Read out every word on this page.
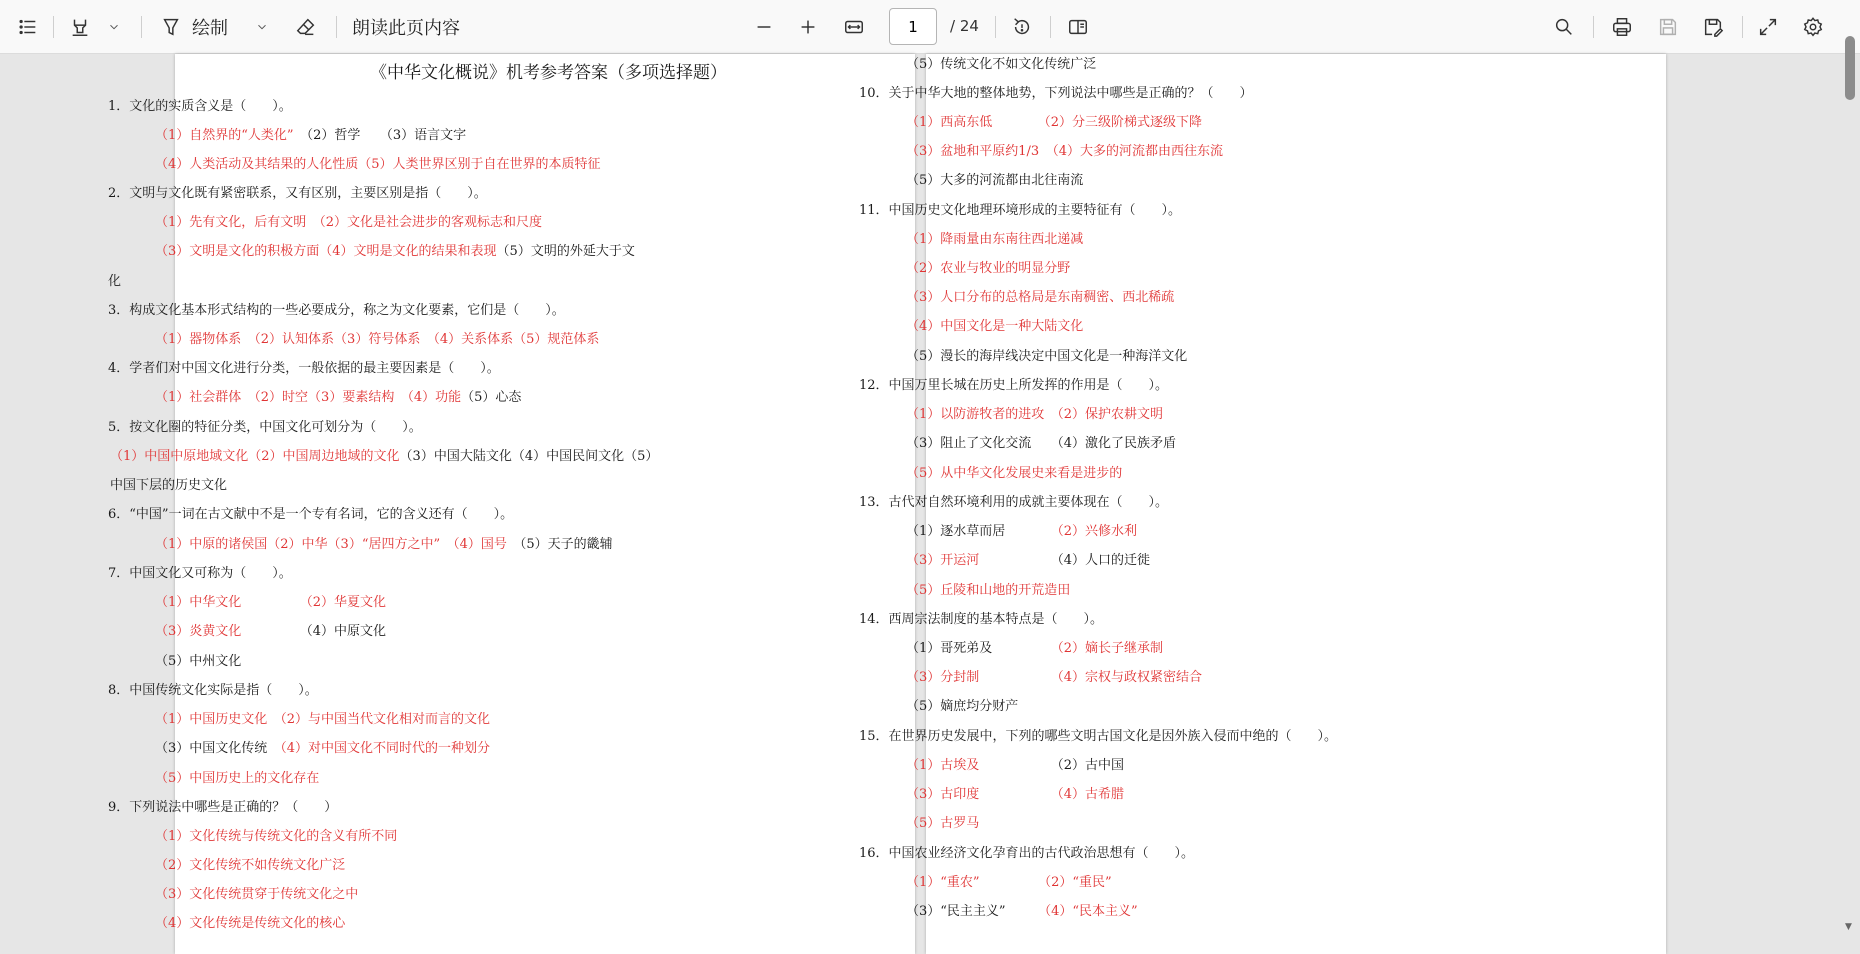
绘制	朗读此页内容
1	/ 24
《中华文化概说》机考参考答案（多项选择题）
1．文化的实质含义是（　　）。
（1）自然界的“人类化”　（2）哲学　　（3）语言文字
（4）人类活动及其结果的人化性质（5）人类世界区别于自在世界的本质特征
2．文明与文化既有紧密联系，又有区别，主要区别是指（　　）。
（1）先有文化，后有文明　（2）文化是社会进步的客观标志和尺度
（3）文明是文化的积极方面（4）文明是文化的结果和表现（5）文明的外延大于文
化
3．构成文化基本形式结构的一些必要成分，称之为文化要素，它们是（　　）。
（1）器物体系　（2）认知体系（3）符号体系　（4）关系体系（5）规范体系
4．学者们对中国文化进行分类，一般依据的最主要因素是（　　）。
（1）社会群体　（2）时空（3）要素结构　（4）功能（5）心态
5．按文化圈的特征分类，中国文化可划分为（　　）。
（1）中国中原地域文化（2）中国周边地域的文化（3）中国大陆文化（4）中国民间文化（5）
中国下层的历史文化
6．“中国”一词在古文献中不是一个专有名词，它的含义还有（　　）。
（1）中原的诸侯国（2）中华（3）“居四方之中”　（4）国号　（5）天子的畿辅
7．中国文化又可称为（　　）。
（1）中华文化　　　　　（2）华夏文化
（3）炎黄文化　　　　　（4）中原文化
（5）中州文化
8．中国传统文化实际是指（　　）。
（1）中国历史文化　（2）与中国当代文化相对而言的文化
（3）中国文化传统　（4）对中国文化不同时代的一种划分
（5）中国历史上的文化存在
9．下列说法中哪些是正确的？（　　）
（1）文化传统与传统文化的含义有所不同
（2）文化传统不如传统文化广泛
（3）文化传统贯穿于传统文化之中
（4）文化传统是传统文化的核心
（5）传统文化不如文化传统广泛
10．关于中华大地的整体地势，下列说法中哪些是正确的？（　　）
（1）西高东低　　　　（2）分三级阶梯式逐级下降
（3）盆地和平原约1/3　（4）大多的河流都由西往东流
（5）大多的河流都由北往南流
11．中国历史文化地理环境形成的主要特征有（　　）。
（1）降雨量由东南往西北递减
（2）农业与牧业的明显分野
（3）人口分布的总格局是东南稠密、西北稀疏
（4）中国文化是一种大陆文化
（5）漫长的海岸线决定中国文化是一种海洋文化
12．中国万里长城在历史上所发挥的作用是（　　）。
（1）以防游牧者的进攻　（2）保护农耕文明
（3）阻止了文化交流　　（4）激化了民族矛盾
（5）从中华文化发展史来看是进步的
13．古代对自然环境利用的成就主要体现在（　　）。
（1）逐水草而居　　　　（2）兴修水利
（3）开运河　　　　　　（4）人口的迁徙
（5）丘陵和山地的开荒造田
14．西周宗法制度的基本特点是（　　）。
（1）哥死弟及　　　　　（2）嫡长子继承制
（3）分封制　　　　　　（4）宗权与政权紧密结合
（5）嫡庶均分财产
15．在世界历史发展中，下列的哪些文明古国文化是因外族入侵而中绝的（　　）。
（1）古埃及　　　　　　（2）古中国
（3）古印度　　　　　　（4）古希腊
（5）古罗马
16．中国农业经济文化孕育出的古代政治思想有（　　）。
（1）“重农”　　　　　（2）“重民”
（3）“民主主义”　　　（4）“民本主义”
▼
